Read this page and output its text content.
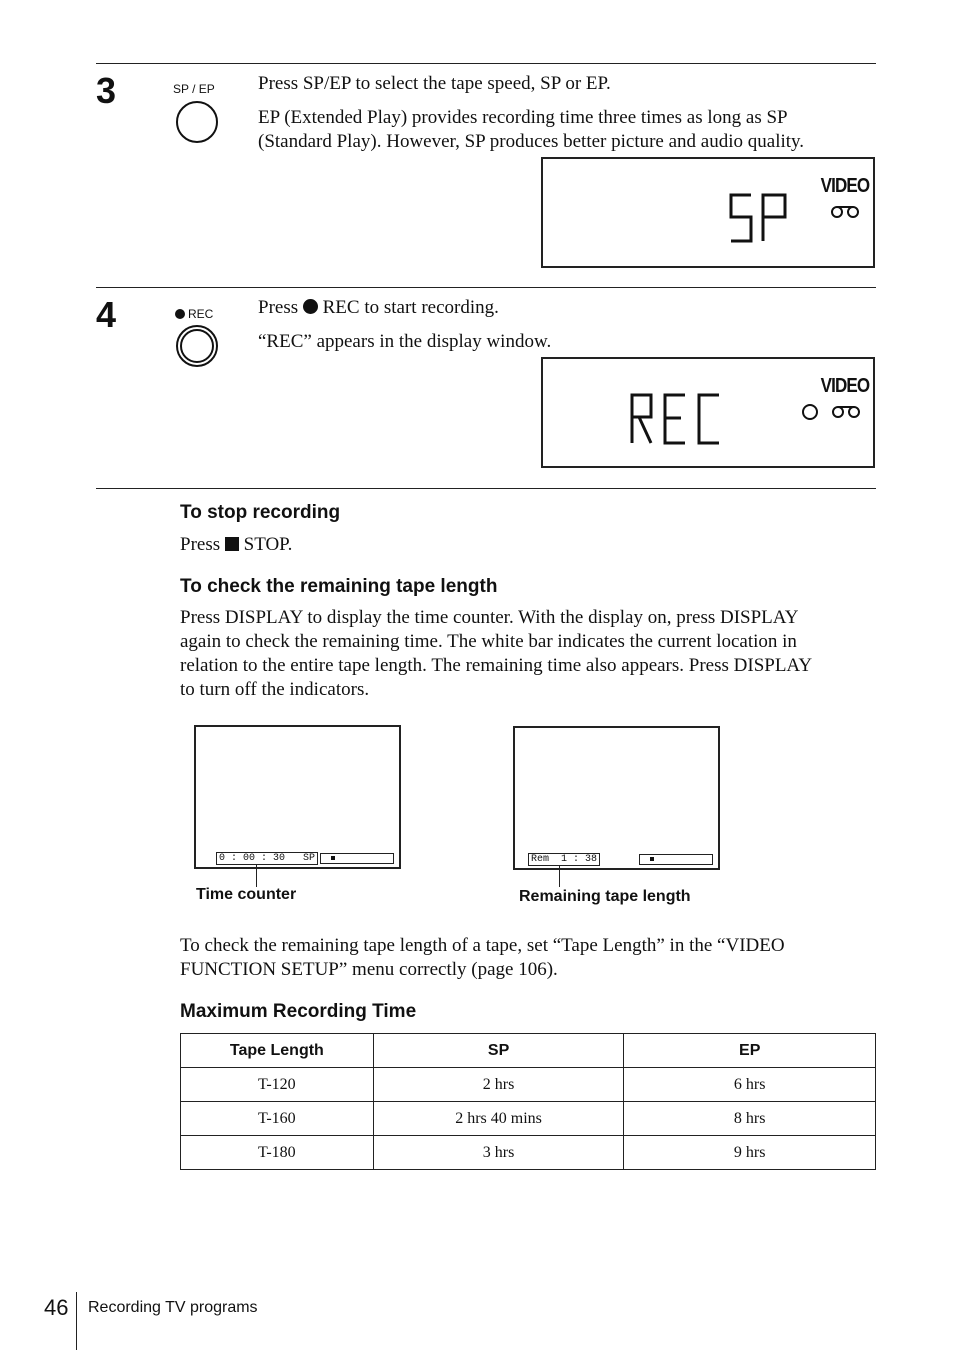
3	SP / EP Press SP/EP to select the tape speed, SP or EP.
EP (Extended Play) provides recording time three times as long as SP
(Standard Play). However, SP produces better picture and audio quality.
VIDEO
4	REC Press REC to start recording.
“REC” appears in the display window.
VIDEO
To stop recording
Press STOP.
To check the remaining tape length
Press DISPLAY to display the time counter. With the display on, press DISPLAY
again to check the remaining time. The white bar indicates the current location in
relation to the entire tape length. The remaining time also appears. Press DISPLAY
to turn off the indicators.
0 : 00 : 30   SP
Time counter
Rem  1 : 38
Remaining tape length
To check the remaining tape length of a tape, set “Tape Length” in the “VIDEO
FUNCTION SETUP” menu correctly (page 106).
Maximum Recording Time
Tape Length	SP	EP
T-120	2 hrs	6 hrs
T-160	2 hrs 40 mins	8 hrs
T-180	3 hrs	9 hrs
46 Recording TV programs
